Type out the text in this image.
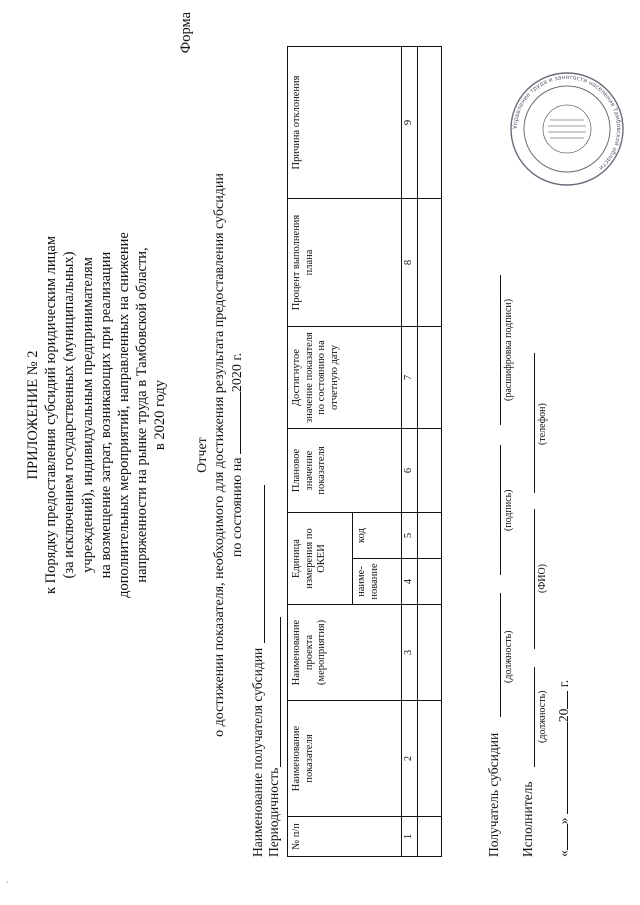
ПРИЛОЖЕНИЕ № 2 к Порядку предоставления субсидий юридическим лицам (за исключением государственных (муниципальных) учреждений), индивидуальным предпринимателям на возмещение затрат, возникающих при реализации дополнительных мероприятий, направленных на снижение напряженности на рынке труда в Тамбовской области, в 2020 году
Форма
Отчет о достижении показателя, необходимого для достижения результата предоставления субсидии по состоянию на 2020 г.
Наименование получателя субсидии Периодичность № п/п	Наименование показателя	Наименование проекта (мероприятия)	Единица измерения по ОКЕИ		Плановое значение показателя	Достигнутое значение показателя по состоянию на отчетную дату	Процент выполнения плана	Причина отклонения
			наиме- нование	код				
1	2	3	4	5	6	7	8	9

Получатель субсидии
(должность)
(подпись)
(расшифровка подписи)
Исполнитель
(должность)
(ФИО)
(телефон)
«» 20 г.
Управление труда и занятости населения Тамбовской области
·
